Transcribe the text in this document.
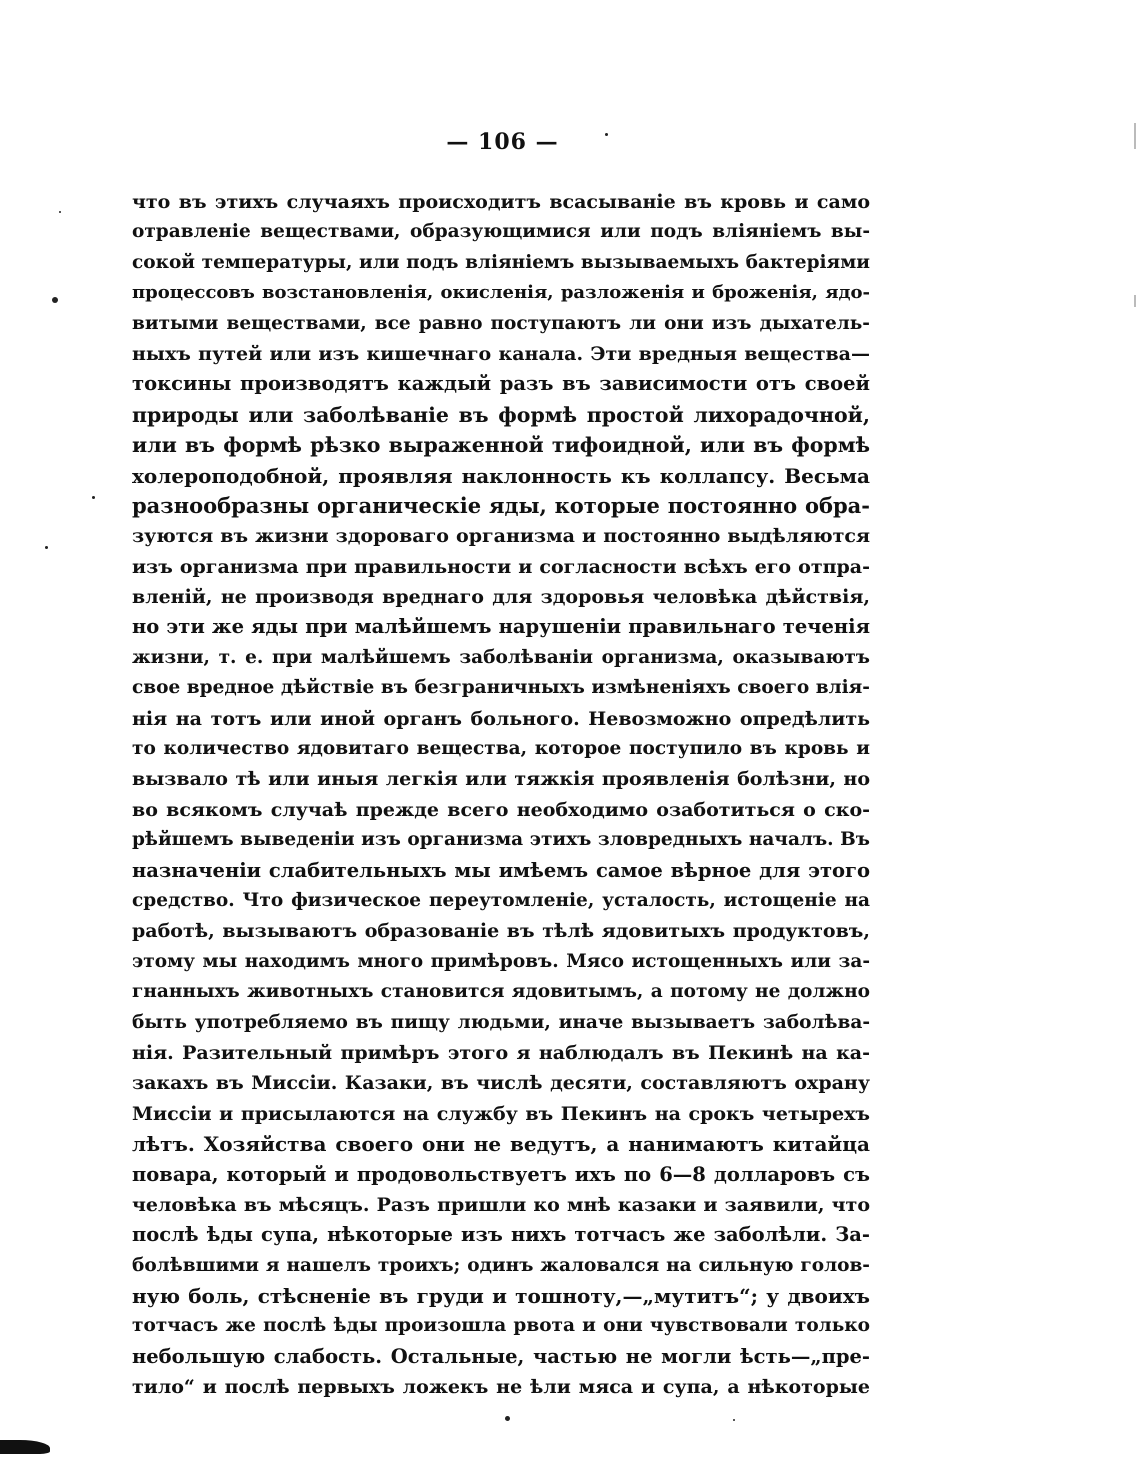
— 106 —
что въ этихъ случаяхъ происходитъ всасываніе въ кровь и само
отравленіе веществами, образующимися или подъ вліяніемъ вы-
сокой температуры, или подъ вліяніемъ вызываемыхъ бактеріями
процессовъ возстановленія, окисленія, разложенія и броженія, ядо-
витыми веществами, все равно поступаютъ ли они изъ дыхатель-
ныхъ путей или изъ кишечнаго канала. Эти вредныя вещества—
токсины производятъ каждый разъ въ зависимости отъ своей
природы или заболѣваніе въ формѣ простой лихорадочной,
или въ формѣ рѣзко выраженной тифоидной, или въ формѣ
холероподобной, проявляя наклонность къ коллапсу. Весьма
разнообразны органическіе яды, которые постоянно обра-
зуются въ жизни здороваго организма и постоянно выдѣляются
изъ организма при правильности и согласности всѣхъ его отпра-
вленій, не производя вреднаго для здоровья человѣка дѣйствія,
но эти же яды при малѣйшемъ нарушеніи правильнаго теченія
жизни, т. е. при малѣйшемъ заболѣваніи организма, оказываютъ
свое вредное дѣйствіе въ безграничныхъ измѣненіяхъ своего влія-
нія на тотъ или иной органъ больного. Невозможно опредѣлить
то количество ядовитаго вещества, которое поступило въ кровь и
вызвало тѣ или иныя легкія или тяжкія проявленія болѣзни, но
во всякомъ случаѣ прежде всего необходимо озаботиться о ско-
рѣйшемъ выведеніи изъ организма этихъ зловредныхъ началъ. Въ
назначеніи слабительныхъ мы имѣемъ самое вѣрное для этого
средство. Что физическое переутомленіе, усталость, истощеніе на
работѣ, вызываютъ образованіе въ тѣлѣ ядовитыхъ продуктовъ,
этому мы находимъ много примѣровъ. Мясо истощенныхъ или за-
гнанныхъ животныхъ становится ядовитымъ, а потому не должно
быть употребляемо въ пищу людьми, иначе вызываетъ заболѣва-
нія. Разительный примѣръ этого я наблюдалъ въ Пекинѣ на ка-
закахъ въ Миссіи. Казаки, въ числѣ десяти, составляютъ охрану
Миссіи и присылаются на службу въ Пекинъ на срокъ четырехъ
лѣтъ. Хозяйства своего они не ведутъ, а нанимаютъ китайца
повара, который и продовольствуетъ ихъ по 6—8 долларовъ съ
человѣка въ мѣсяцъ. Разъ пришли ко мнѣ казаки и заявили, что
послѣ ѣды супа, нѣкоторые изъ нихъ тотчасъ же заболѣли. За-
болѣвшими я нашелъ троихъ; одинъ жаловался на сильную голов-
ную боль, стѣсненіе въ груди и тошноту,—„мутитъ“; у двоихъ
тотчасъ же послѣ ѣды произошла рвота и они чувствовали только
небольшую слабость. Остальные, частью не могли ѣсть—„пре-
тило“ и послѣ первыхъ ложекъ не ѣли мяса и супа, а нѣкоторые
